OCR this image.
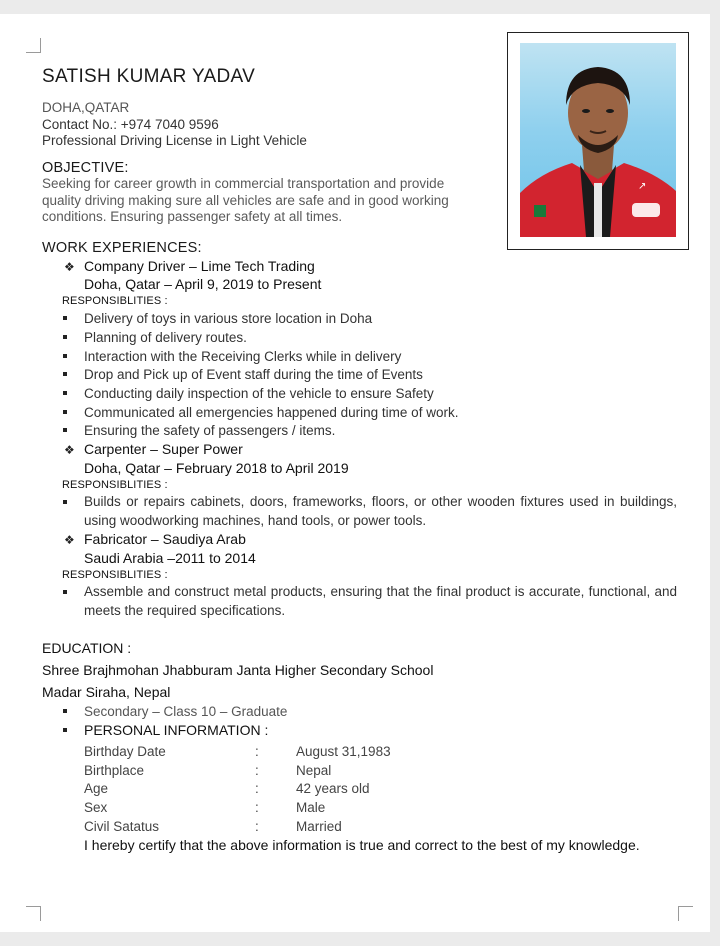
SATISH KUMAR YADAV
DOHA,QATAR
Contact No.: +974 7040 9596
Professional Driving License in Light Vehicle
↗
OBJECTIVE:
Seeking for career growth in commercial transportation and provide
quality driving making sure all vehicles are safe and in good working
conditions. Ensuring passenger safety at all times.
WORK EXPERIENCES:
❖ Company Driver – Lime Tech Trading
Doha, Qatar – April 9, 2019 to Present
RESPONSIBLITIES :
Delivery of toys in various store location in Doha
Planning of delivery routes.
Interaction with the Receiving Clerks while in delivery
Drop and Pick up of Event staff during the time of Events
Conducting daily inspection of the vehicle to ensure Safety
Communicated all emergencies happened during time of work.
Ensuring the safety of passengers / items.
❖ Carpenter – Super Power
Doha, Qatar – February 2018 to April 2019
RESPONSIBLITIES :
Builds or repairs cabinets, doors, frameworks, floors, or other wooden fixtures used in buildings, using woodworking machines, hand tools, or power tools.
❖ Fabricator – Saudiya Arab
Saudi Arabia –2011 to 2014
RESPONSIBLITIES :
Assemble and construct metal products, ensuring that the final product is accurate, functional, and meets the required specifications.
EDUCATION :
Shree Brajhmohan Jhabburam Janta Higher Secondary School
Madar Siraha, Nepal
Secondary – Class 10 – Graduate
PERSONAL INFORMATION :
Birthday Date	:	August 31,1983
Birthplace	:	Nepal
Age	:	42 years old
Sex	:	Male
Civil Satatus	:	Married
I hereby certify that the above information is true and correct to the best of my knowledge.
